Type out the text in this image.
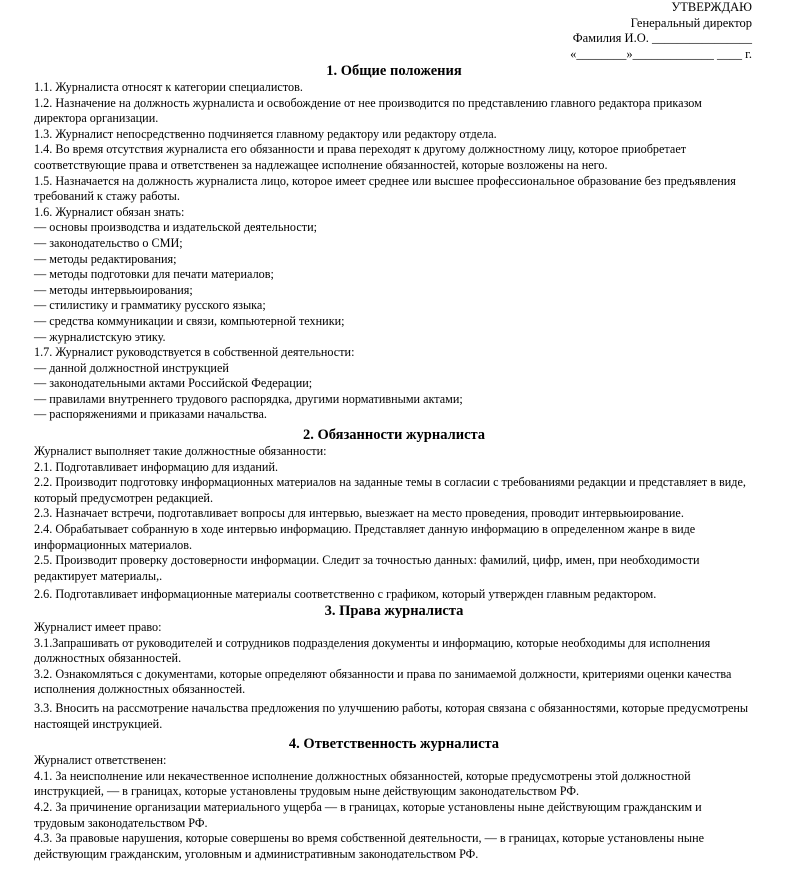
УТВЕРЖДАЮ
Генеральный директор
Фамилия И.О. ________________
«________»_____________ ____ г.
1. Общие положения

1.1. Журналиста относят к категории специалистов.

1.2. Назначение на должность журналиста и освобождение от нее производится по представлению главного редактора приказом директора организации.

1.3. Журналист непосредственно подчиняется главному редактору или редактору отдела.

1.4. Во время отсутствия журналиста его обязанности и права переходят к другому должностному лицу, которое приобретает соответствующие права и ответственен за надлежащее исполнение обязанностей, которые возложены на него.

1.5. Назначается на должность журналиста лицо, которое имеет среднее или высшее профессиональное образование без предъявления требований к стажу работы.

1.6. Журналист обязан знать:

— основы производства и издательской деятельности;

— законодательство о СМИ;

— методы редактирования;

— методы подготовки для печати материалов;

— методы интервьюирования;

— стилистику и грамматику русского языка;

— средства коммуникации и связи, компьютерной техники;

— журналистскую этику.

1.7. Журналист руководствуется в собственной деятельности:

— данной должностной инструкцией

— законодательными актами Российской Федерации;

— правилами внутреннего трудового распорядка, другими нормативными актами;

— распоряжениями и приказами начальства.

2. Обязанности журналиста

Журналист выполняет такие должностные обязанности:

2.1. Подготавливает информацию для изданий.

2.2. Производит подготовку информационных материалов на заданные темы в согласии с требованиями редакции и представляет в виде, который предусмотрен редакцией.

2.3. Назначает встречи, подготавливает вопросы для интервью, выезжает на место проведения, проводит интервьюирование.

2.4. Обрабатывает собранную в ходе интервью информацию. Представляет данную информацию в определенном жанре в виде информационных материалов.

2.5. Производит проверку достоверности информации. Следит за точностью данных: фамилий, цифр, имен, при необходимости редактирует материалы,.

2.6. Подготавливает информационные материалы соответственно с графиком, который утвержден главным редактором.

3. Права журналиста

Журналист имеет право:

3.1.Запрашивать от руководителей и сотрудников подразделения документы и информацию, которые необходимы для исполнения должностных обязанностей.

3.2. Ознакомляться с документами, которые определяют обязанности и права по занимаемой должности, критериями оценки качества исполнения должностных обязанностей.

3.3. Вносить на рассмотрение начальства предложения по улучшению работы, которая связана с обязанностями, которые предусмотрены настоящей инструкцией.

4. Ответственность журналиста

Журналист ответственен:

4.1. За неисполнение или некачественное исполнение должностных обязанностей, которые предусмотрены этой должностной инструкцией, — в границах, которые установлены трудовым ныне действующим законодательством РФ.

4.2. За причинение организации материального ущерба — в границах, которые установлены ныне действующим гражданским и трудовым законодательством РФ.

4.3. За правовые нарушения, которые совершены во время собственной деятельности, — в границах, которые установлены ныне действующим гражданским, уголовным и административным законодательством РФ.
